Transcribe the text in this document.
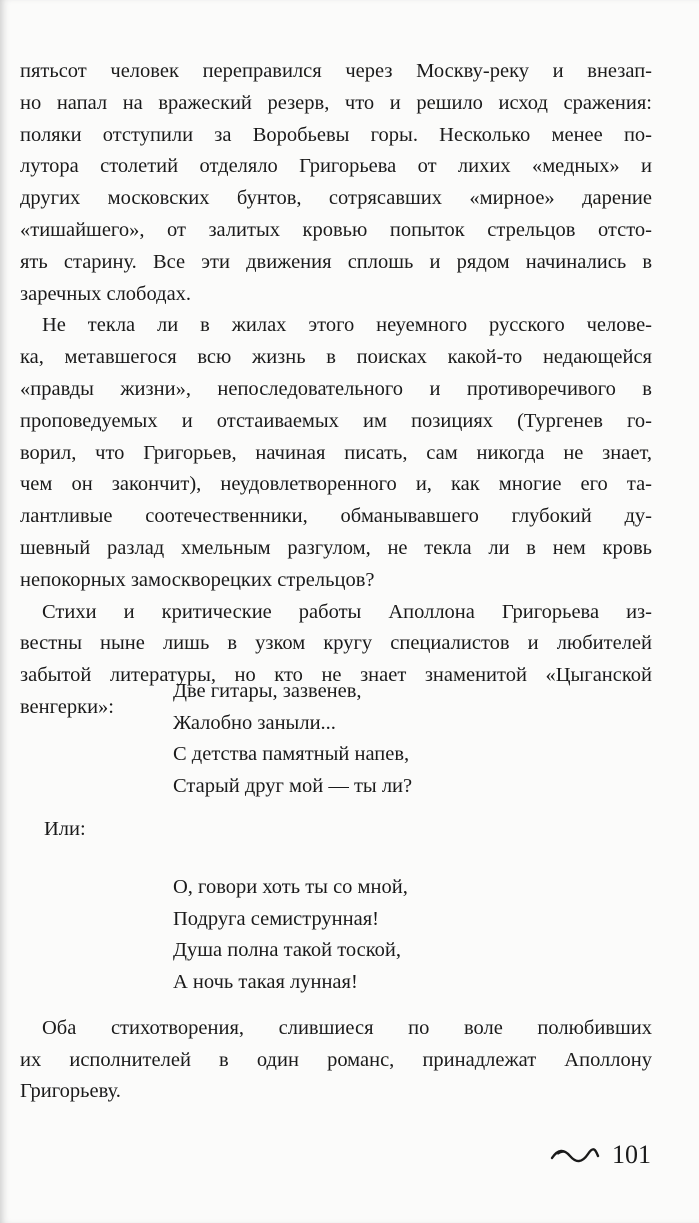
пятьсот человек переправился через Москву-реку и внезап-
но напал на вражеский резерв, что и решило исход сражения:
поляки отступили за Воробьевы горы. Несколько менее по-
лутора столетий отделяло Григорьева от лихих «медных» и
других московских бунтов, сотрясавших «мирное» дарение
«тишайшего», от залитых кровью попыток стрельцов отсто-
ять старину. Все эти движения сплошь и рядом начинались в
заречных слободах.
Не текла ли в жилах этого неуемного русского челове-
ка, метавшегося всю жизнь в поисках какой-то недающейся
«правды жизни», непоследовательного и противоречивого в
проповедуемых и отстаиваемых им позициях (Тургенев го-
ворил, что Григорьев, начиная писать, сам никогда не знает,
чем он закончит), неудовлетворенного и, как многие его та-
лантливые соотечественники, обманывавшего глубокий ду-
шевный разлад хмельным разгулом, не текла ли в нем кровь
непокорных замоскворецких стрельцов?
Стихи и критические работы Аполлона Григорьева из-
вестны ныне лишь в узком кругу специалистов и любителей
забытой литературы, но кто не знает знаменитой «Цыганской
венгерки»:
Две гитары, зазвенев,
Жалобно заныли...
С детства памятный напев,
Старый друг мой — ты ли?
Или:
О, говори хоть ты со мной,
Подруга семиструнная!
Душа полна такой тоской,
А ночь такая лунная!
Оба стихотворения, слившиеся по воле полюбивших
их исполнителей в один романс, принадлежат Аполлону
Григорьеву.
101
